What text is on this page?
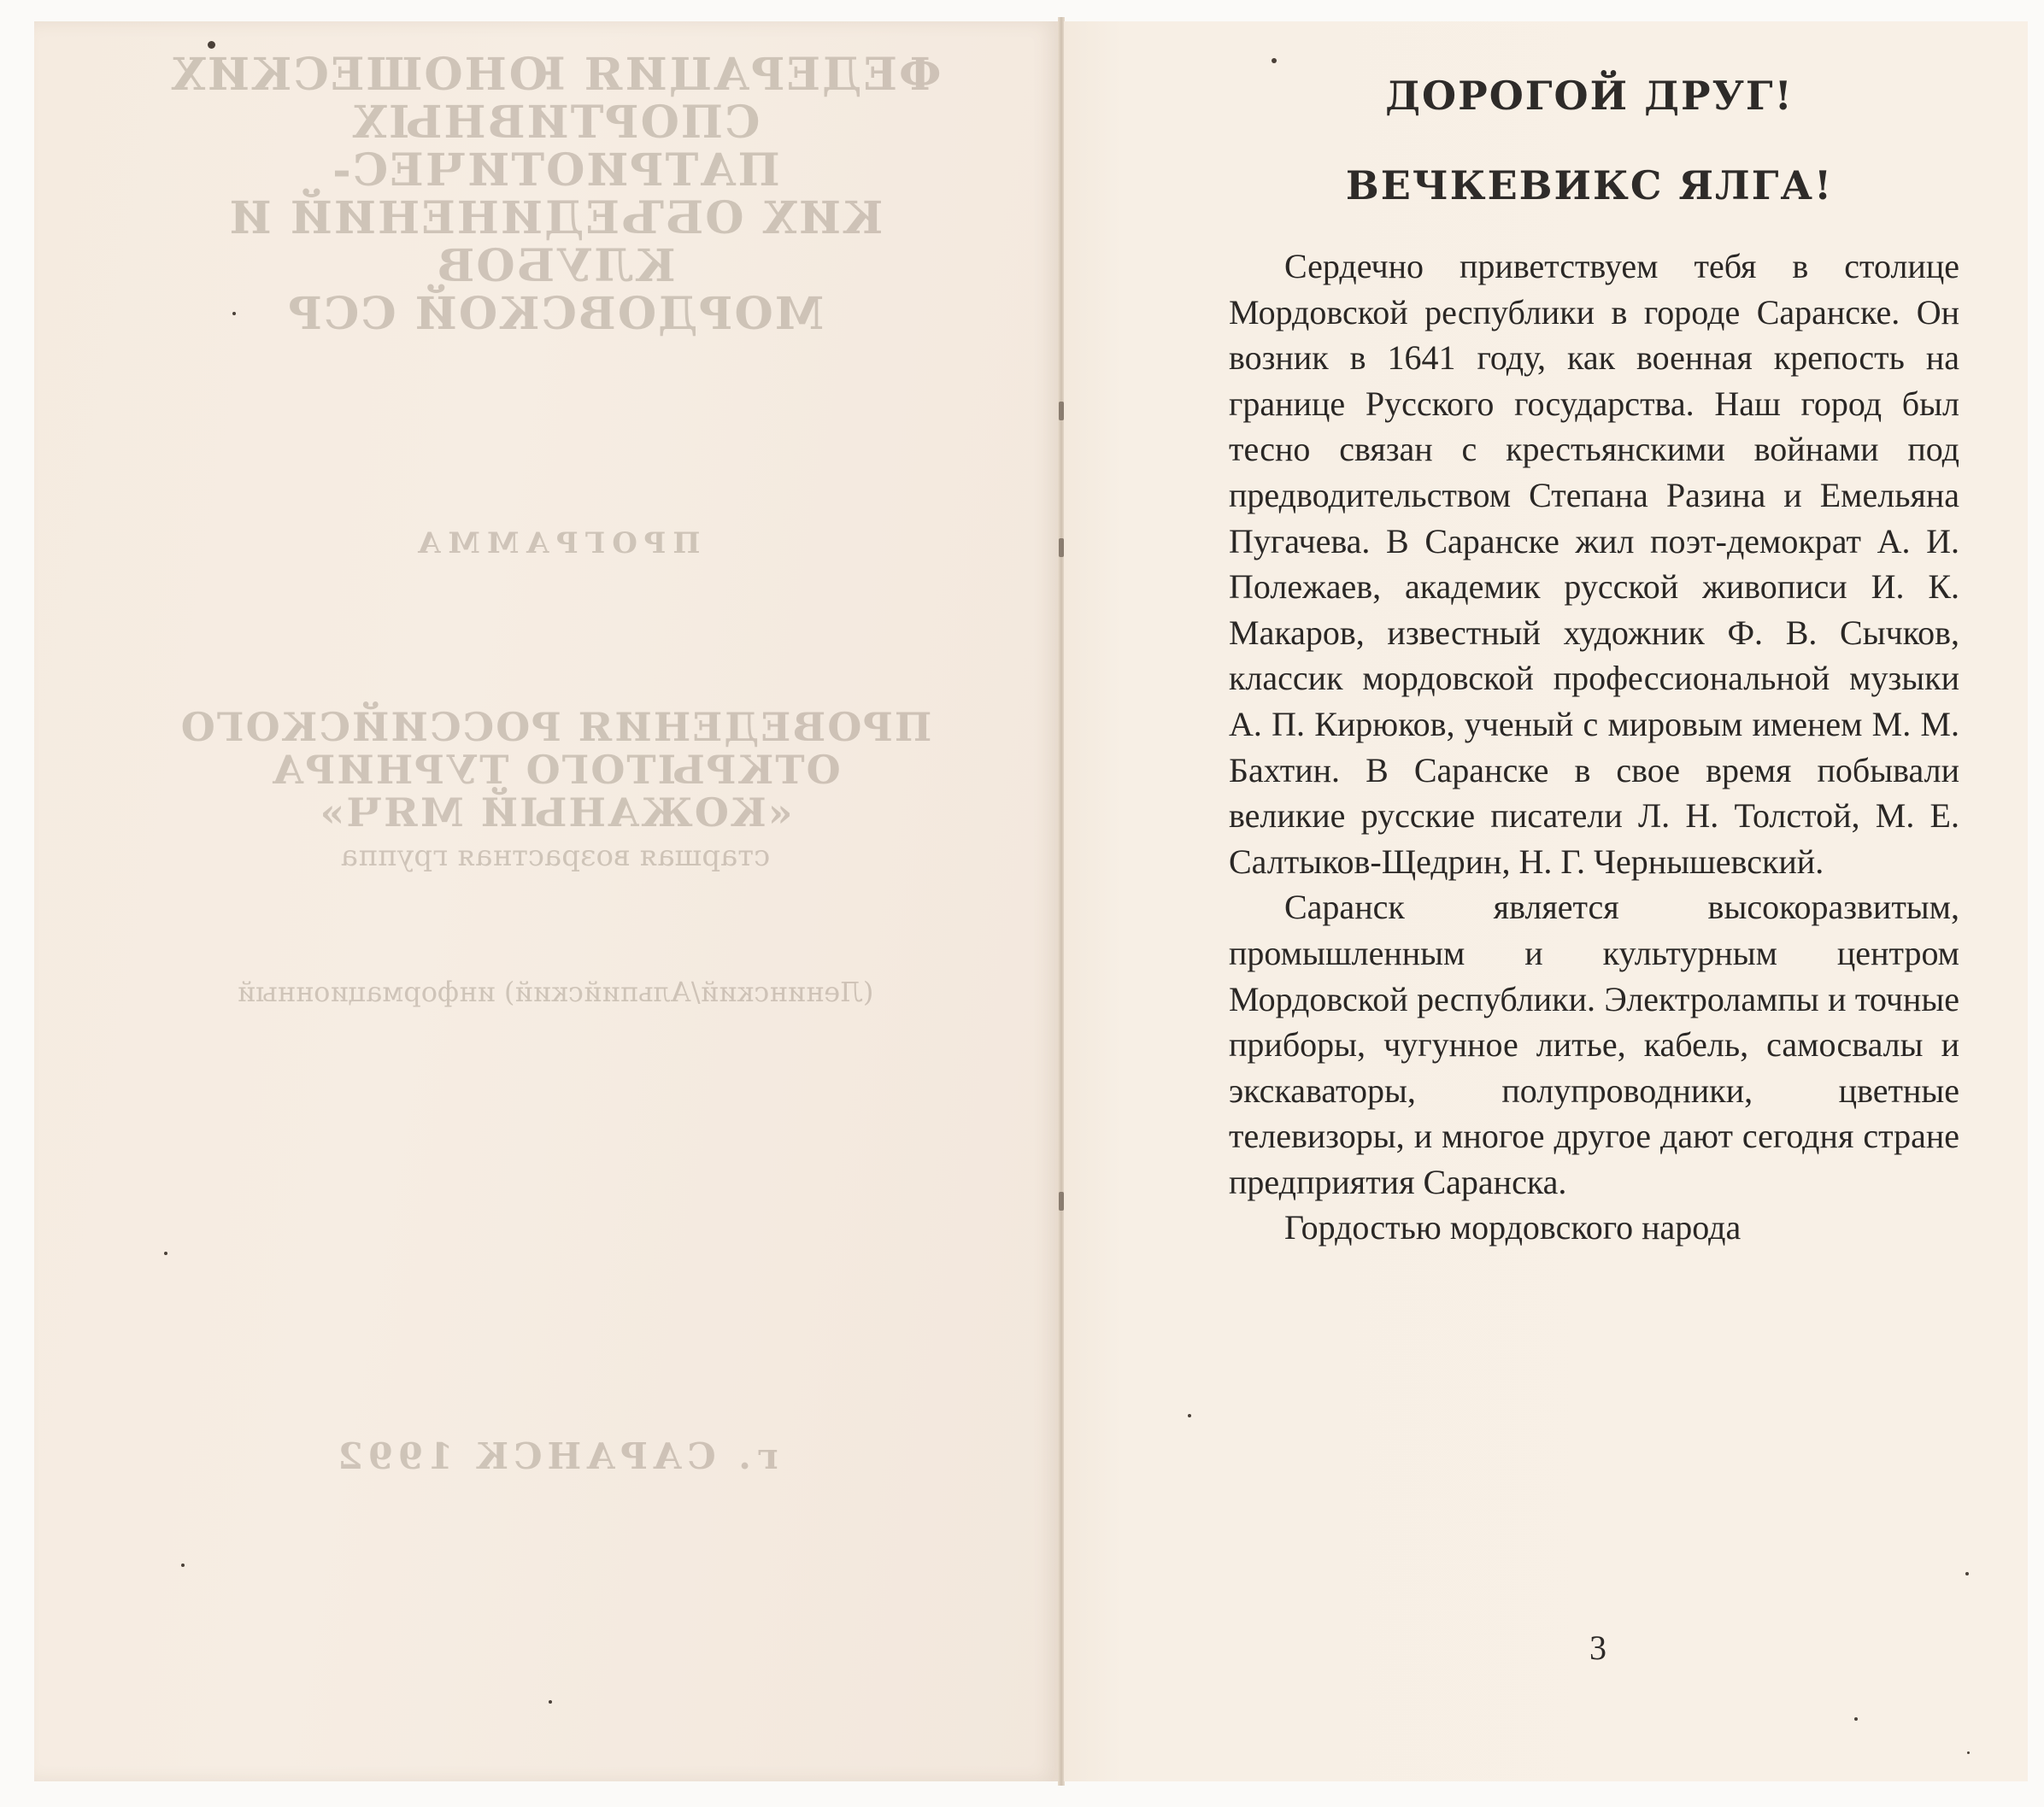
ФЕДЕРАЦИЯ ЮНОШЕСКИХ
СПОРТИВНЫХ ПАТРИОТИЧЕС-
КИХ ОБЪЕДИНЕНИЙ И КЛУБОВ
МОРДОВСКОЙ ССР
ПРОГРАММА
ПРОВЕДЕНИЯ РОССИЙСКОГО
ОТКРЫТОГО ТУРНИРА
«КОЖАНЫЙ МЯЧ»
старшая возрастная группа
(Ленинский/Альпийский) информационный
г. САРАНСК 1992
ДОРОГОЙ ДРУГ!
ВЕЧКЕВИКС ЯЛГА!

Сердечно приветствуем тебя в столице Мордовской республики в городе Саранске. Он возник в 1641 году, как военная крепость на границе Русского государства. Наш город был тесно связан с крестьянскими войнами под предводительством Степана Разина и Емельяна Пугачева. В Саранске жил поэт-демократ А. И. Полежаев, академик русской живописи И. К. Макаров, известный художник Ф. В. Сычков, классик мордовской профессиональной музыки А. П. Кирюков, ученый с мировым именем М. М. Бахтин. В Саранске в свое время побывали великие русские писатели Л. Н. Толстой, М. Е. Салтыков-Щедрин, Н. Г. Чернышевский.

Саранск является высокоразвитым, промышленным и культурным центром Мордовской республики. Электролампы и точные приборы, чугунное литье, кабель, самосвалы и экскаваторы, полупроводники, цветные телевизоры, и многое другое дают сегодня стране предприятия Саранска.

Гордостью мордовского народа

3
